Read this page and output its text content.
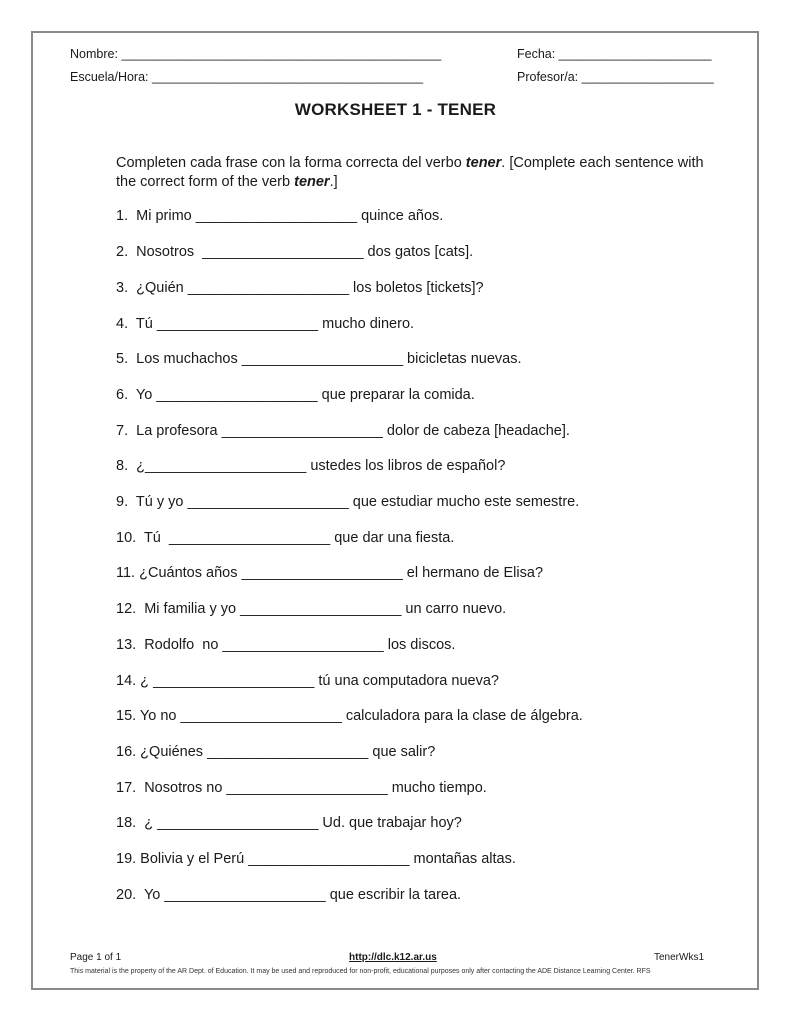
Nombre: ______________________________________________	Fecha: ______________________
Escuela/Hora: _______________________________________	Profesor/a: ___________________
WORKSHEET 1 - TENER
Completen cada frase con la forma correcta del verbo tener. [Complete each sentence with the correct form of the verb tener.]
1.  Mi primo ____________________ quince años.
2.  Nosotros  ____________________ dos gatos [cats].
3.  ¿Quién ____________________ los boletos [tickets]?
4.  Tú ____________________ mucho dinero.
5.  Los muchachos ____________________ bicicletas nuevas.
6.  Yo ____________________ que preparar la comida.
7.  La profesora ____________________ dolor de cabeza [headache].
8.  ¿____________________ ustedes los libros de español?
9.  Tú y yo ____________________ que estudiar mucho este semestre.
10.  Tú  ____________________ que dar una fiesta.
11. ¿Cuántos años ____________________ el hermano de Elisa?
12.  Mi familia y yo ____________________ un carro nuevo.
13.  Rodolfo  no ____________________ los discos.
14. ¿ ____________________ tú una computadora nueva?
15. Yo no ____________________ calculadora para la clase de álgebra.
16. ¿Quiénes ____________________ que salir?
17.  Nosotros no ____________________ mucho tiempo.
18.  ¿ ____________________ Ud. que trabajar hoy?
19. Bolivia y el Perú ____________________ montañas altas.
20.  Yo ____________________ que escribir la tarea.
Page 1 of 1	http://dlc.k12.ar.us	TenerWks1
This material is the property of the AR Dept. of Education. It may be used and reproduced for non-profit, educational purposes only after contacting the ADE Distance Learning Center. RFS
